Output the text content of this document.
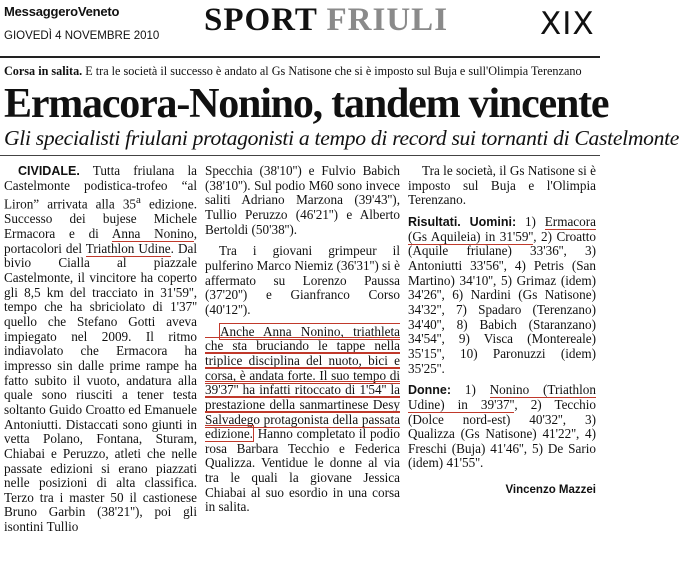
MessaggeroVeneto
GIOVEDÌ 4 NOVEMBRE 2010 SPORT FRIULI	XIX
Corsa in salita. E tra le società il successo è andato al Gs Natisone che si è imposto sul Buja e sull'Olimpia Terenzano
Ermacora-Nonino, tandem vincente
Gli specialisti friulani protagonisti a tempo di record sui tornanti di Castelmonte

CIVIDALE. Tutta friulana la Castelmonte podistica-trofeo “al Liron” arrivata alla 35$^a$ edizione. Successo dei bujese Michele Ermacora e di Anna Nonino, portacolori del Triathlon Udine. Dal bivio Cialla al piazzale Castelmonte, il vincitore ha coperto gli 8,5 km del tracciato in 31'59'', tempo che ha sbriciolato di 1'37'' quello che Stefano Gotti aveva impiegato nel 2009. Il ritmo indiavolato che Ermacora ha impresso sin dalle prime rampe ha fatto subito il vuoto, andatura alla quale sono riusciti a tener testa soltanto Guido Croatto ed Emanuele Antoniutti. Distaccati sono giunti in vetta Polano, Fontana, Sturam, Chiabai e Peruzzo, atleti che nelle passate edizioni si erano piazzati nelle posizioni di alta classifica. Terzo tra i master 50 il castionese Bruno Garbin (38'21''), poi gli isontini Tullio

Specchia (38'10'') e Fulvio Babich (38'10''). Sul podio M60 sono invece saliti Adriano Marzona (39'43''), Tullio Peruzzo (46'21'') e Alberto Bertoldi (50'38'').

Tra i giovani grimpeur il pulferino Marco Niemiz (36'31'') si è affermato su Lorenzo Paussa (37'20'') e Gianfranco Corso (40'12'').

Anche Anna Nonino, triathleta che sta bruciando le tappe nella triplice disciplina del nuoto, bici e corsa, è andata forte. Il suo tempo di 39'37'' ha infatti ritoccato di 1'54'' la prestazione della sanmartinese Desy Salvadego protagonista della passata edizione. Hanno completato il podio rosa Barbara Tecchio e Federica Qualizza. Ventidue le donne al via tra le quali la giovane Jessica Chiabai al suo esordio in una corsa in salita.

Tra le società, il Gs Natisone si è imposto sul Buja e l'Olimpia Terenzano.

Risultati. Uomini: 1) Ermacora (Gs Aquileia) in 31'59'', 2) Croatto (Aquile friulane) 33'36'', 3) Antoniutti 33'56'', 4) Petris (San Martino) 34'10'', 5) Grimaz (idem) 34'26'', 6) Nardini (Gs Natisone) 34'32'', 7) Spadaro (Terenzano) 34'40'', 8) Babich (Staranzano) 34'54'', 9) Visca (Montereale) 35'15'', 10) Paronuzzi (idem) 35'25''.

Donne: 1) Nonino (Triathlon Udine) in 39'37'', 2) Tecchio (Dolce nord-est) 40'32'', 3) Qualizza (Gs Natisone) 41'22'', 4) Freschi (Buja) 41'46'', 5) De Sario (idem) 41'55''.

Vincenzo Mazzei
